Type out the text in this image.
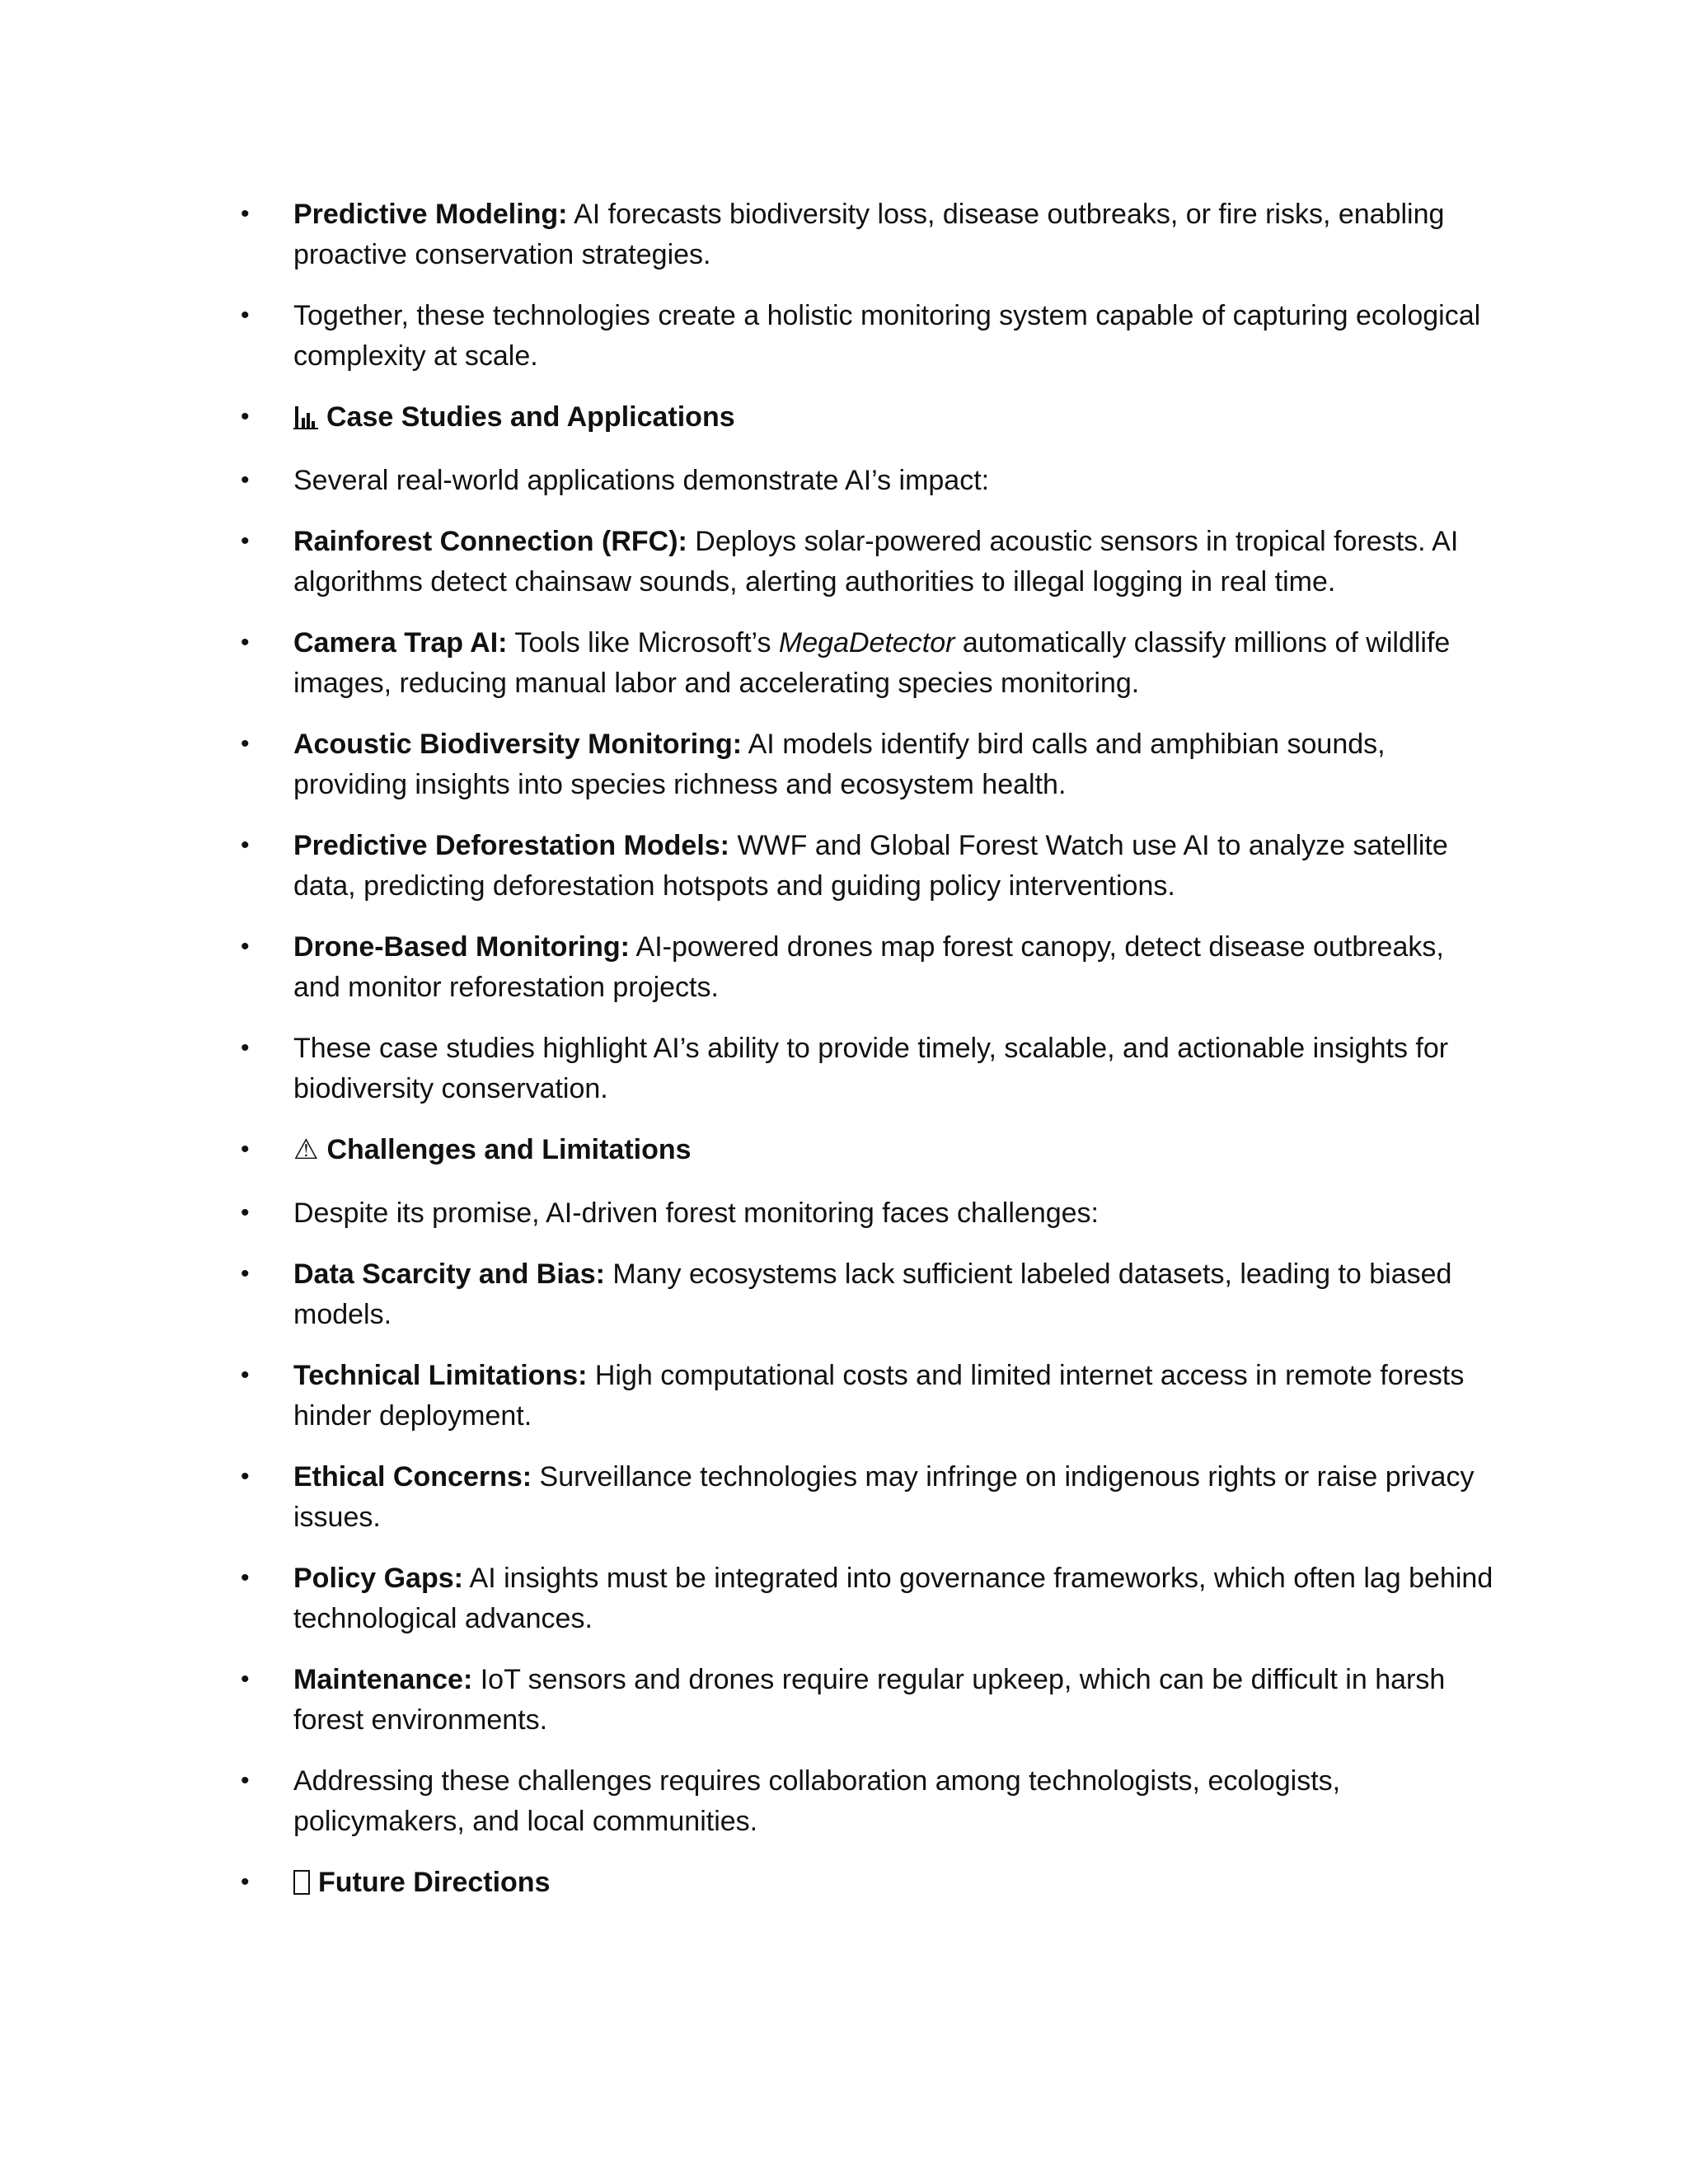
•	Predictive Modeling: AI forecasts biodiversity loss, disease outbreaks, or fire risks, enabling proactive conservation strategies.
•	Together, these technologies create a holistic monitoring system capable of capturing ecological complexity at scale.
•	Case Studies and Applications
•	Several real-world applications demonstrate AI’s impact:
•	Rainforest Connection (RFC): Deploys solar-powered acoustic sensors in tropical forests. AI algorithms detect chainsaw sounds, alerting authorities to illegal logging in real time.
•	Camera Trap AI: Tools like Microsoft’s MegaDetector automatically classify millions of wildlife images, reducing manual labor and accelerating species monitoring.
•	Acoustic Biodiversity Monitoring: AI models identify bird calls and amphibian sounds, providing insights into species richness and ecosystem health.
•	Predictive Deforestation Models: WWF and Global Forest Watch use AI to analyze satellite data, predicting deforestation hotspots and guiding policy interventions.
•	Drone-Based Monitoring: AI-powered drones map forest canopy, detect disease outbreaks, and monitor reforestation projects.
•	These case studies highlight AI’s ability to provide timely, scalable, and actionable insights for biodiversity conservation.
•	⚠ Challenges and Limitations
•	Despite its promise, AI-driven forest monitoring faces challenges:
•	Data Scarcity and Bias: Many ecosystems lack sufficient labeled datasets, leading to biased models.
•	Technical Limitations: High computational costs and limited internet access in remote forests hinder deployment.
•	Ethical Concerns: Surveillance technologies may infringe on indigenous rights or raise privacy issues.
•	Policy Gaps: AI insights must be integrated into governance frameworks, which often lag behind technological advances.
•	Maintenance: IoT sensors and drones require regular upkeep, which can be difficult in harsh forest environments.
•	Addressing these challenges requires collaboration among technologists, ecologists, policymakers, and local communities.
•	Future Directions
